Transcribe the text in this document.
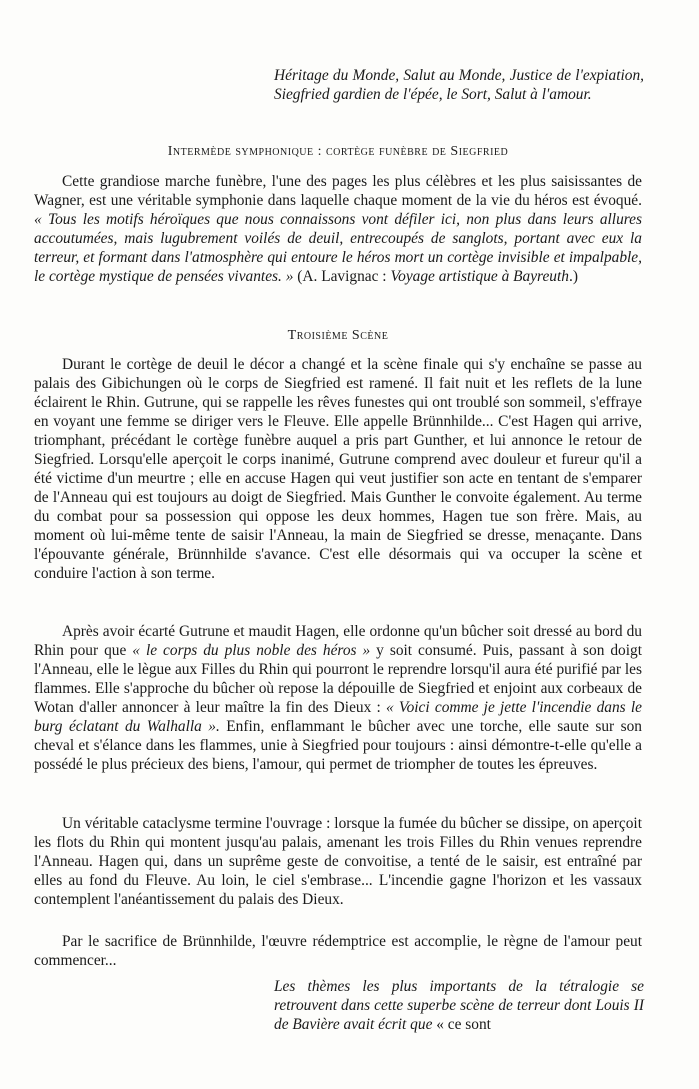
Héritage du Monde, Salut au Monde, Justice de l'expiation, Siegfried gardien de l'épée, le Sort, Salut à l'amour.

Intermède symphonique : cortège funèbre de Siegfried

Cette grandiose marche funèbre, l'une des pages les plus célèbres et les plus saisissantes de Wagner, est une véritable symphonie dans laquelle chaque moment de la vie du héros est évoqué. « Tous les motifs héroïques que nous connaissons vont défiler ici, non plus dans leurs allures accoutumées, mais lugubrement voilés de deuil, entrecoupés de sanglots, portant avec eux la terreur, et formant dans l'atmosphère qui entoure le héros mort un cortège invisible et impalpable, le cortège mystique de pensées vivantes. » (A. Lavignac : Voyage artistique à Bayreuth.)

Troisième Scène

Durant le cortège de deuil le décor a changé et la scène finale qui s'y enchaîne se passe au palais des Gibichungen où le corps de Siegfried est ramené. Il fait nuit et les reflets de la lune éclairent le Rhin. Gutrune, qui se rappelle les rêves funestes qui ont troublé son sommeil, s'effraye en voyant une femme se diriger vers le Fleuve. Elle appelle Brünnhilde... C'est Hagen qui arrive, triomphant, précédant le cortège funèbre auquel a pris part Gunther, et lui annonce le retour de Siegfried. Lorsqu'elle aperçoit le corps inanimé, Gutrune comprend avec douleur et fureur qu'il a été victime d'un meurtre ; elle en accuse Hagen qui veut justifier son acte en tentant de s'emparer de l'Anneau qui est toujours au doigt de Siegfried. Mais Gunther le convoite également. Au terme du combat pour sa possession qui oppose les deux hommes, Hagen tue son frère. Mais, au moment où lui-même tente de saisir l'Anneau, la main de Siegfried se dresse, menaçante. Dans l'épouvante générale, Brünnhilde s'avance. C'est elle désormais qui va occuper la scène et conduire l'action à son terme.

Après avoir écarté Gutrune et maudit Hagen, elle ordonne qu'un bûcher soit dressé au bord du Rhin pour que « le corps du plus noble des héros » y soit consumé. Puis, passant à son doigt l'Anneau, elle le lègue aux Filles du Rhin qui pourront le reprendre lorsqu'il aura été purifié par les flammes. Elle s'approche du bûcher où repose la dépouille de Siegfried et enjoint aux corbeaux de Wotan d'aller annoncer à leur maître la fin des Dieux : « Voici comme je jette l'incendie dans le burg éclatant du Walhalla ». Enfin, enflammant le bûcher avec une torche, elle saute sur son cheval et s'élance dans les flammes, unie à Siegfried pour toujours : ainsi démontre-t-elle qu'elle a possédé le plus précieux des biens, l'amour, qui permet de triompher de toutes les épreuves.

Un véritable cataclysme termine l'ouvrage : lorsque la fumée du bûcher se dissipe, on aperçoit les flots du Rhin qui montent jusqu'au palais, amenant les trois Filles du Rhin venues reprendre l'Anneau. Hagen qui, dans un suprême geste de convoitise, a tenté de le saisir, est entraîné par elles au fond du Fleuve. Au loin, le ciel s'embrase... L'incendie gagne l'horizon et les vassaux contemplent l'anéantissement du palais des Dieux.

Par le sacrifice de Brünnhilde, l'œuvre rédemptrice est accomplie, le règne de l'amour peut commencer...

Les thèmes les plus importants de la tétralogie se retrouvent dans cette superbe scène de terreur dont Louis II de Bavière avait écrit que « ce sont
